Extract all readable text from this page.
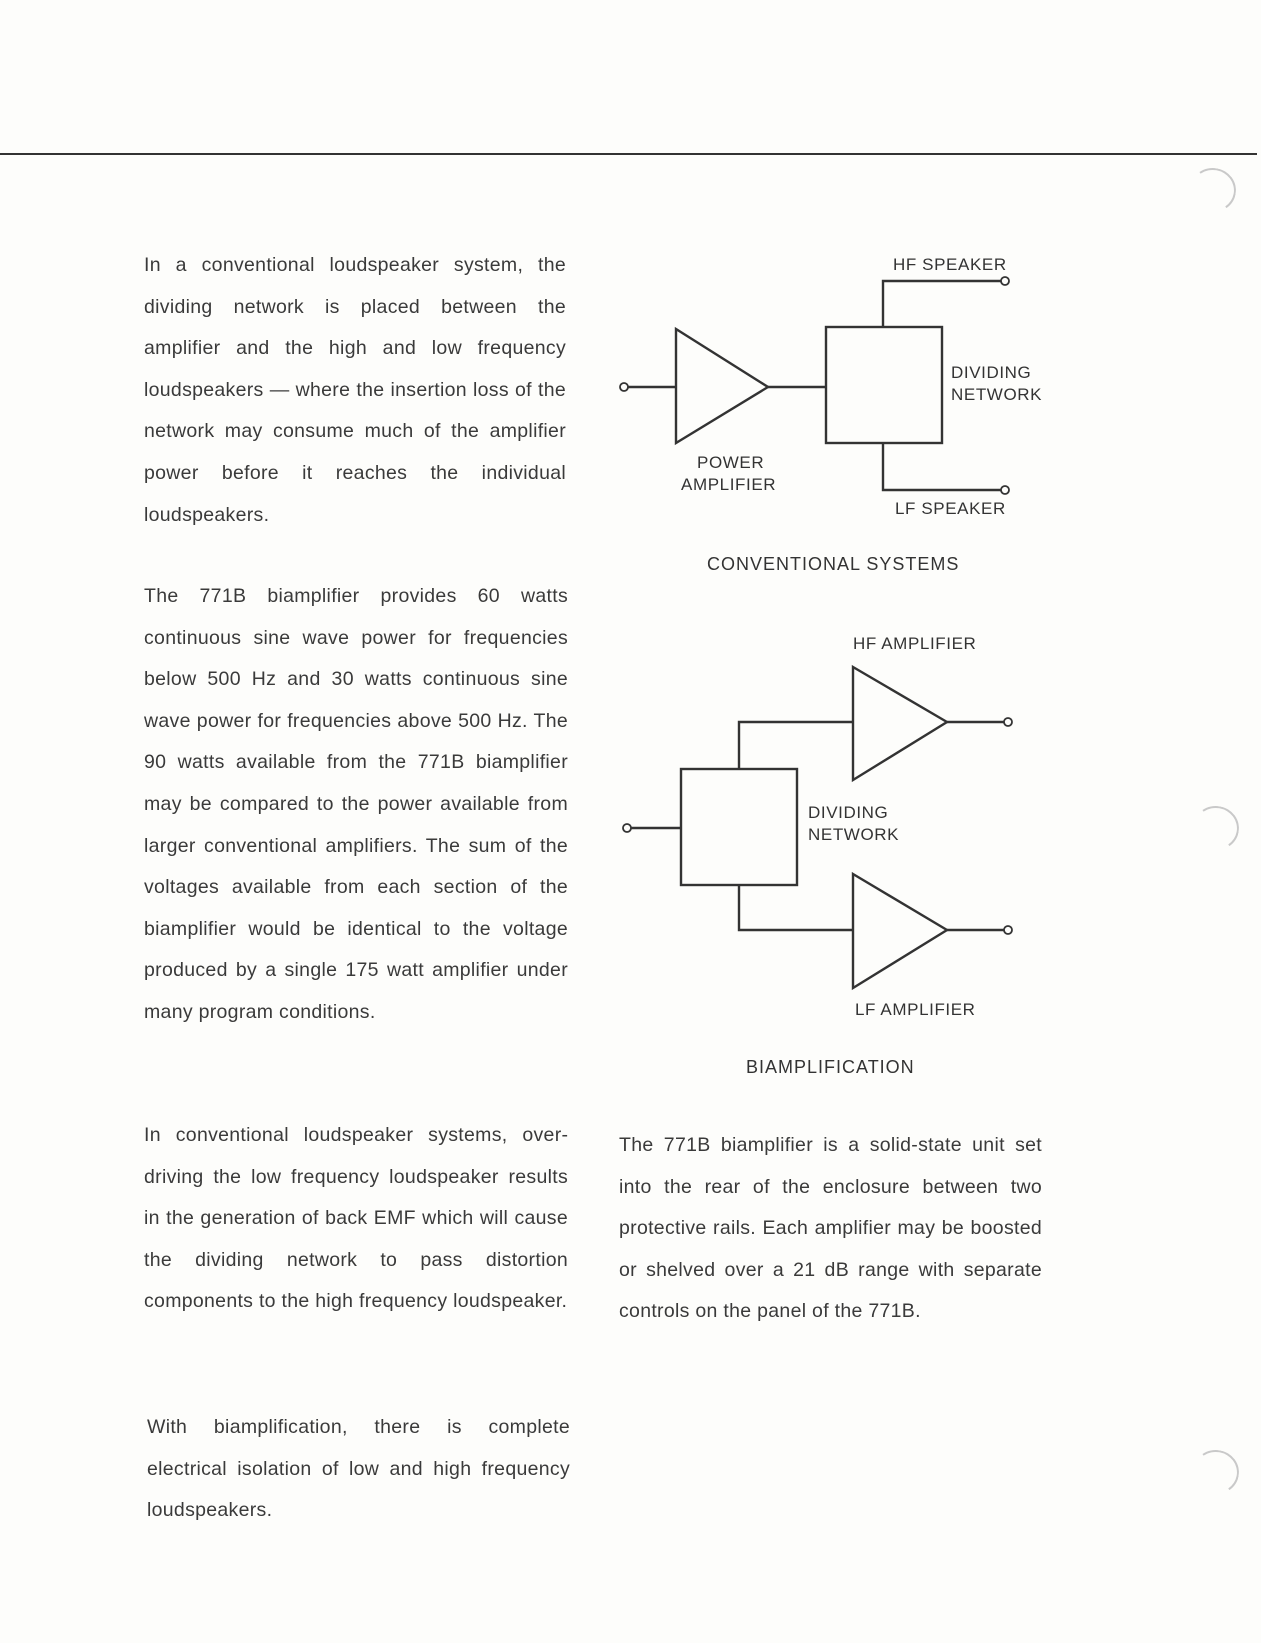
In a conventional loudspeaker system, the dividing network is placed between the amplifier and the high and low frequency loudspeakers — where the insertion loss of the network may consume much of the amplifier power before it reaches the individual loudspeakers.

The 771B biamplifier provides 60 watts continuous sine wave power for frequencies below 500 Hz and 30 watts continuous sine wave power for frequencies above 500 Hz. The 90 watts available from the 771B biamplifier may be compared to the power available from larger conventional amplifiers. The sum of the voltages available from each section of the biamplifier would be identical to the voltage produced by a single 175 watt amplifier under many program conditions.

In conventional loudspeaker systems, overdriving the low frequency loudspeaker results in the generation of back EMF which will cause the dividing network to pass distortion components to the high frequency loudspeaker.

With biamplification, there is complete electrical isolation of low and high frequency loudspeakers.

The 771B biamplifier is a solid-state unit set into the rear of the enclosure between two protective rails. Each amplifier may be boosted or shelved over a 21 dB range with separate controls on the panel of the 771B.

HF SPEAKER
DIVIDING
NETWORK
POWER
AMPLIFIER
LF SPEAKER
CONVENTIONAL SYSTEMS
HF AMPLIFIER
DIVIDING
NETWORK
LF AMPLIFIER
BIAMPLIFICATION
